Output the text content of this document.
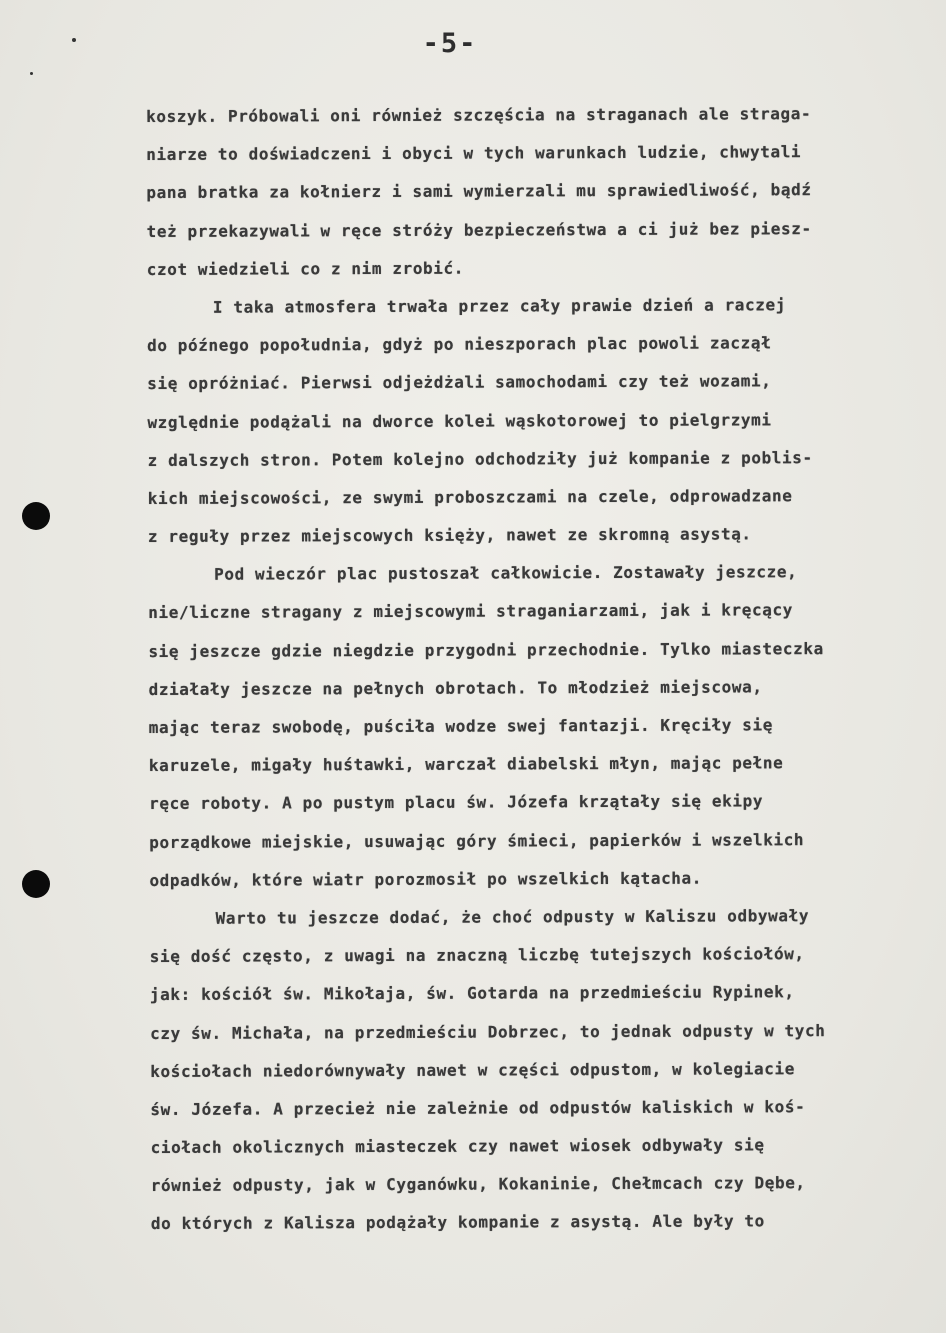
-5-
koszyk. Próbowali oni również szczęścia na straganach ale straga-
niarze to doświadczeni i obyci w tych warunkach ludzie, chwytali
pana bratka za kołnierz i sami wymierzali mu sprawiedliwość, bądź
też przekazywali w ręce stróży bezpieczeństwa a ci już bez piesz-
czot wiedzieli co z nim zrobić.
I taka atmosfera trwała przez cały prawie dzień a raczej
do późnego popołudnia, gdyż po nieszporach plac powoli zaczął
się opróżniać. Pierwsi odjeżdżali samochodami czy też wozami,
względnie podążali na dworce kolei wąskotorowej to pielgrzymi
z dalszych stron. Potem kolejno odchodziły już kompanie z poblis-
kich miejscowości, ze swymi proboszczami na czele, odprowadzane
z reguły przez miejscowych księży, nawet ze skromną asystą.
Pod wieczór plac pustoszał całkowicie. Zostawały jeszcze,
nie/liczne stragany z miejscowymi straganiarzami, jak i kręcący
się jeszcze gdzie niegdzie przygodni przechodnie. Tylko miasteczka
działały jeszcze na pełnych obrotach. To młodzież miejscowa,
mając teraz swobodę, puściła wodze swej fantazji. Kręciły się
karuzele, migały huśtawki, warczał diabelski młyn, mając pełne
ręce roboty. A po pustym placu św. Józefa krzątały się ekipy
porządkowe miejskie, usuwając góry śmieci, papierków i wszelkich
odpadków, które wiatr porozmosił po wszelkich kątacha.
Warto tu jeszcze dodać, że choć odpusty w Kaliszu odbywały
się dość często, z uwagi na znaczną liczbę tutejszych kościołów,
jak: kościół św. Mikołaja, św. Gotarda na przedmieściu Rypinek,
czy św. Michała, na przedmieściu Dobrzec, to jednak odpusty w tych
kościołach niedorównywały nawet w części odpustom, w kolegiacie
św. Józefa. A przecież nie zależnie od odpustów kaliskich w koś-
ciołach okolicznych miasteczek czy nawet wiosek odbywały się
również odpusty, jak w Cyganówku, Kokaninie, Chełmcach czy Dębe,
do których z Kalisza podążały kompanie z asystą. Ale były to
